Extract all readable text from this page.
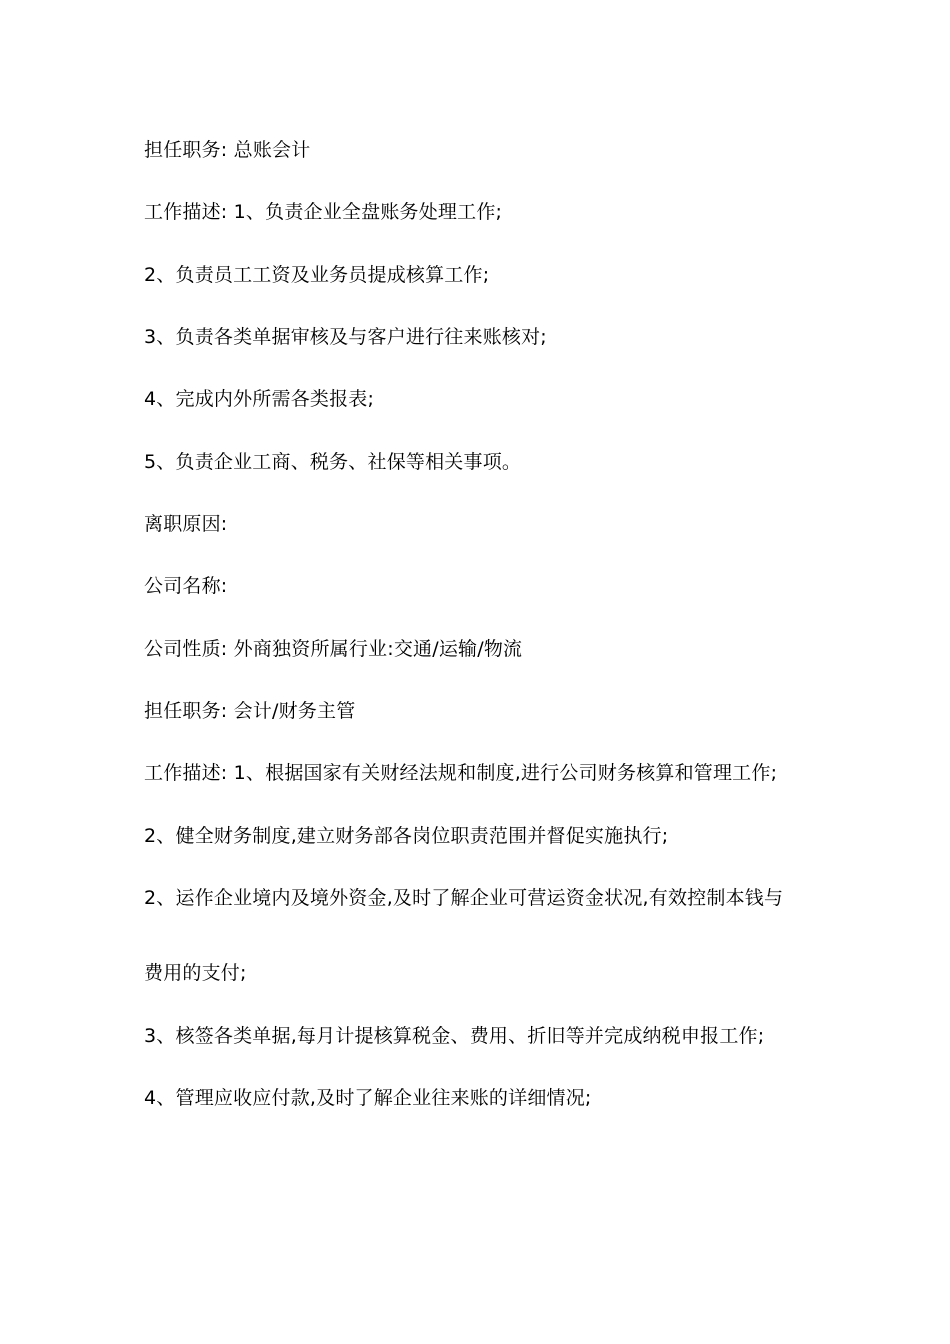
担任职务: 总账会计
工作描述: 1、负责企业全盘账务处理工作;
2、负责员工工资及业务员提成核算工作;
3、负责各类单据审核及与客户进行往来账核对;
4、完成内外所需各类报表;
5、负责企业工商、税务、社保等相关事项。
离职原因:
公司名称:
公司性质: 外商独资所属行业:交通/运输/物流
担任职务: 会计/财务主管
工作描述: 1、根据国家有关财经法规和制度,进行公司财务核算和管理工作;
2、健全财务制度,建立财务部各岗位职责范围并督促实施执行;
2、运作企业境内及境外资金,及时了解企业可营运资金状况,有效控制本钱与
费用的支付;
3、核签各类单据,每月计提核算税金、费用、折旧等并完成纳税申报工作;
4、管理应收应付款,及时了解企业往来账的详细情况;
